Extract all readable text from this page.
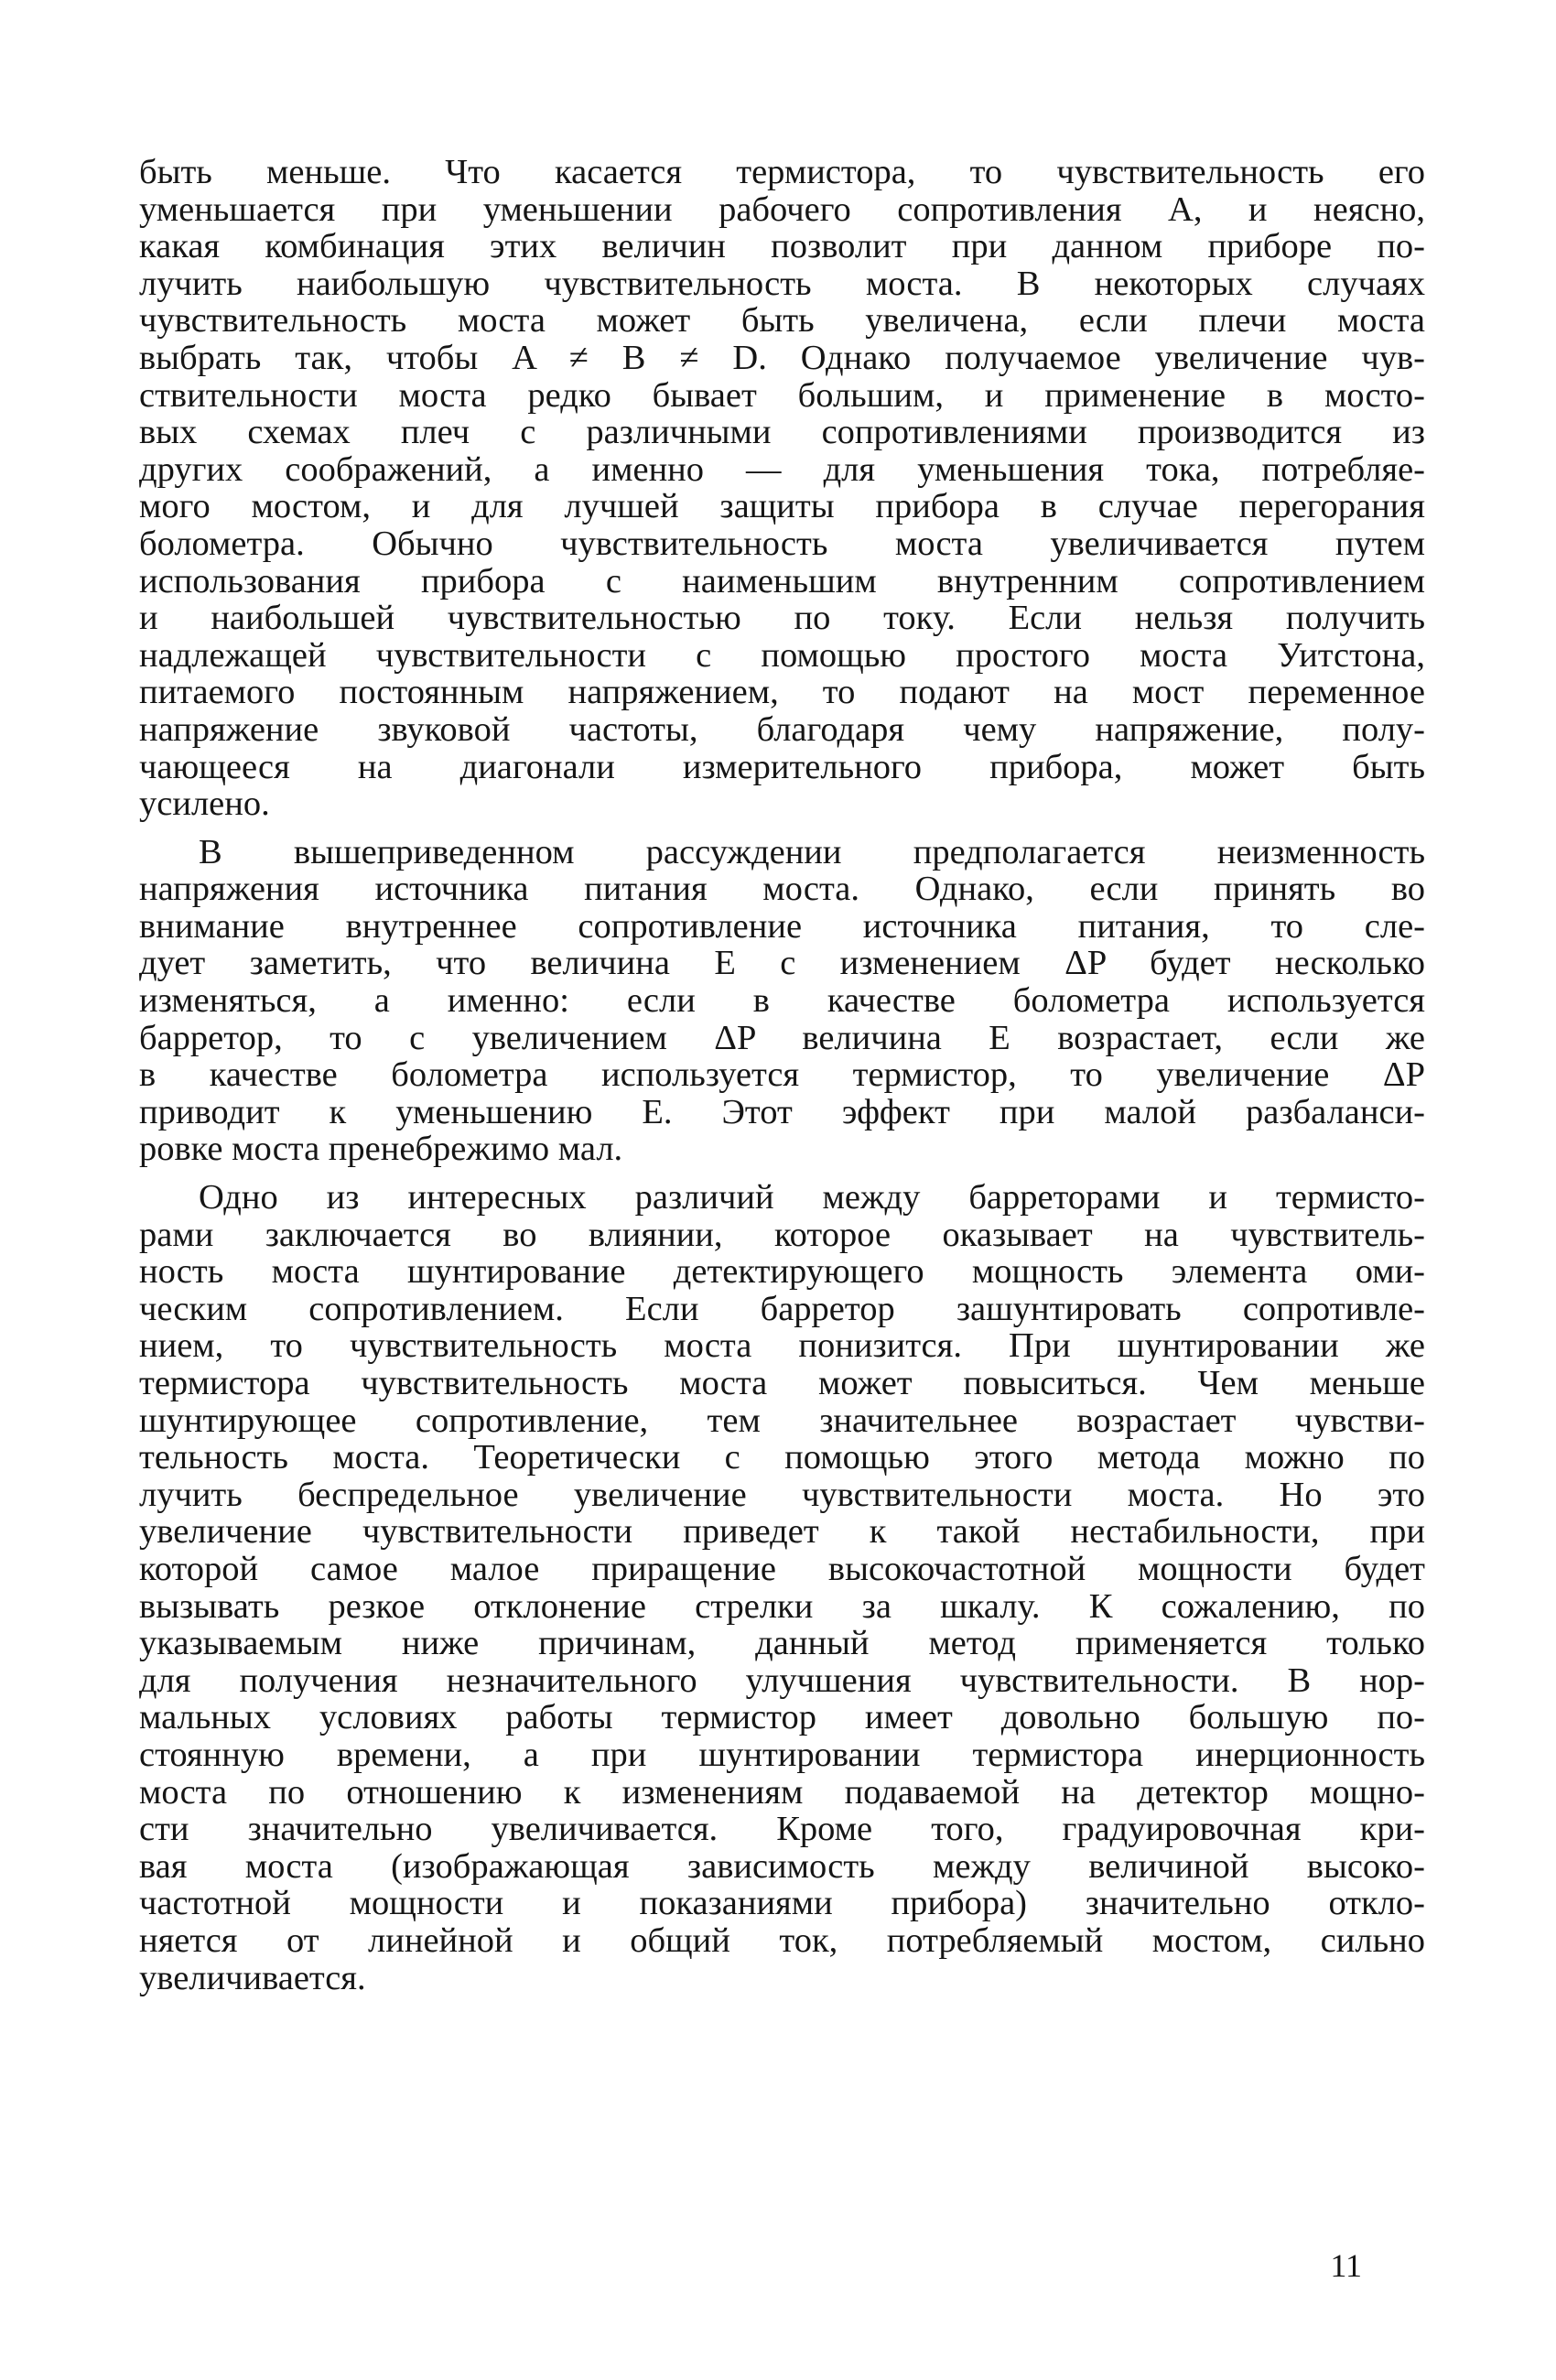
быть меньше. Что касается термистора, то чувствительность его
уменьшается при уменьшении рабочего сопротивления A, и неясно,
какая комбинация этих величин позволит при данном приборе по-
лучить наибольшую чувствительность моста. В некоторых случаях
чувствительность моста может быть увеличена, если плечи моста
выбрать так, чтобы A ≠ B ≠ D. Однако получаемое увеличение чув-
ствительности моста редко бывает большим, и применение в мосто-
вых схемах плеч с различными сопротивлениями производится из
других соображений, а именно — для уменьшения тока, потребляе-
мого мостом, и для лучшей защиты прибора в случае перегорания
болометра. Обычно чувствительность моста увеличивается путем
использования прибора с наименьшим внутренним сопротивлением
и наибольшей чувствительностью по току. Если нельзя получить
надлежащей чувствительности с помощью простого моста Уитстона,
питаемого постоянным напряжением, то подают на мост переменное
напряжение звуковой частоты, благодаря чему напряжение, полу-
чающееся на диагонали измерительного прибора, может быть
усилено.
В вышеприведенном рассуждении предполагается неизменность
напряжения источника питания моста. Однако, если принять во
внимание внутреннее сопротивление источника питания, то сле-
дует заметить, что величина E с изменением ΔP будет несколько
изменяться, а именно: если в качестве болометра используется
барретор, то с увеличением ΔP величина E возрастает, если же
в качестве болометра используется термистор, то увеличение ΔP
приводит к уменьшению E. Этот эффект при малой разбаланси-
ровке моста пренебрежимо мал.
Одно из интересных различий между барреторами и термисто-
рами заключается во влиянии, которое оказывает на чувствитель-
ность моста шунтирование детектирующего мощность элемента оми-
ческим сопротивлением. Если барретор зашунтировать сопротивле-
нием, то чувствительность моста понизится. При шунтировании же
термистора чувствительность моста может повыситься. Чем меньше
шунтирующее сопротивление, тем значительнее возрастает чувстви-
тельность моста. Теоретически с помощью этого метода можно по
лучить беспредельное увеличение чувствительности моста. Но это
увеличение чувствительности приведет к такой нестабильности, при
которой самое малое приращение высокочастотной мощности будет
вызывать резкое отклонение стрелки за шкалу. К сожалению, по
указываемым ниже причинам, данный метод применяется только
для получения незначительного улучшения чувствительности. В нор-
мальных условиях работы термистор имеет довольно большую по-
стоянную времени, а при шунтировании термистора инерционность
моста по отношению к изменениям подаваемой на детектор мощно-
сти значительно увеличивается. Кроме того, градуировочная кри-
вая моста (изображающая зависимость между величиной высоко-
частотной мощности и показаниями прибора) значительно откло-
няется от линейной и общий ток, потребляемый мостом, сильно
увеличивается.
11
